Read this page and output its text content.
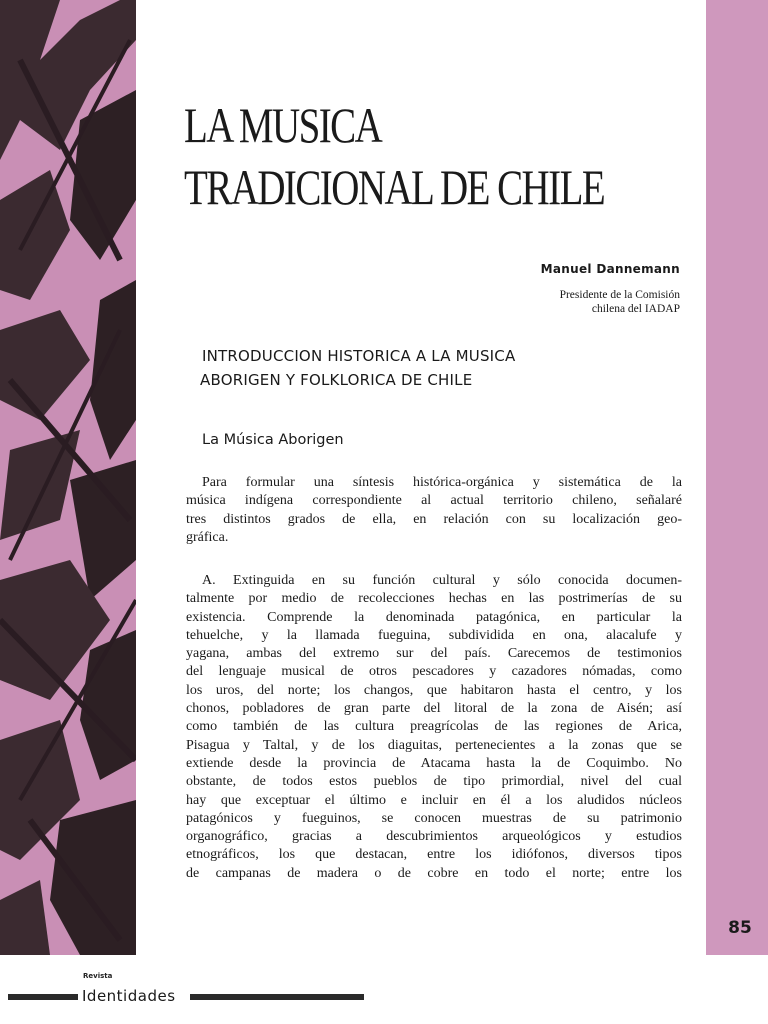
LA MUSICA
TRADICIONAL DE CHILE
Manuel Dannemann
Presidente de la Comisión
chilena del IADAP
INTRODUCCION HISTORICA A LA MUSICA
ABORIGEN Y FOLKLORICA DE CHILE
La Música Aborigen
Para formular una síntesis histórica-orgánica y sistemática de la
música indígena correspondiente al actual territorio chileno, señalaré
tres distintos grados de ella, en relación con su localización geo-
gráfica.
A. Extinguida en su función cultural y sólo conocida documen-
talmente por medio de recolecciones hechas en las postrimerías de su
existencia. Comprende la denominada patagónica, en particular la
tehuelche, y la llamada fueguina, subdividida en ona, alacalufe y
yagana, ambas del extremo sur del país. Carecemos de testimonios
del lenguaje musical de otros pescadores y cazadores nómadas, como
los uros, del norte; los changos, que habitaron hasta el centro, y los
chonos, pobladores de gran parte del litoral de la zona de Aisén; así
como también de las cultura preagrícolas de las regiones de Arica,
Pisagua y Taltal, y de los diaguitas, pertenecientes a la zonas que se
extiende desde la provincia de Atacama hasta la de Coquimbo. No
obstante, de todos estos pueblos de tipo primordial, nivel del cual
hay que exceptuar el último e incluir en él a los aludidos núcleos
patagónicos y fueguinos, se conocen muestras de su patrimonio
organográfico, gracias a descubrimientos arqueológicos y estudios
etnográficos, los que destacan, entre los idiófonos, diversos tipos
de campanas de madera o de cobre en todo el norte; entre los
85
Revista
Identidades
